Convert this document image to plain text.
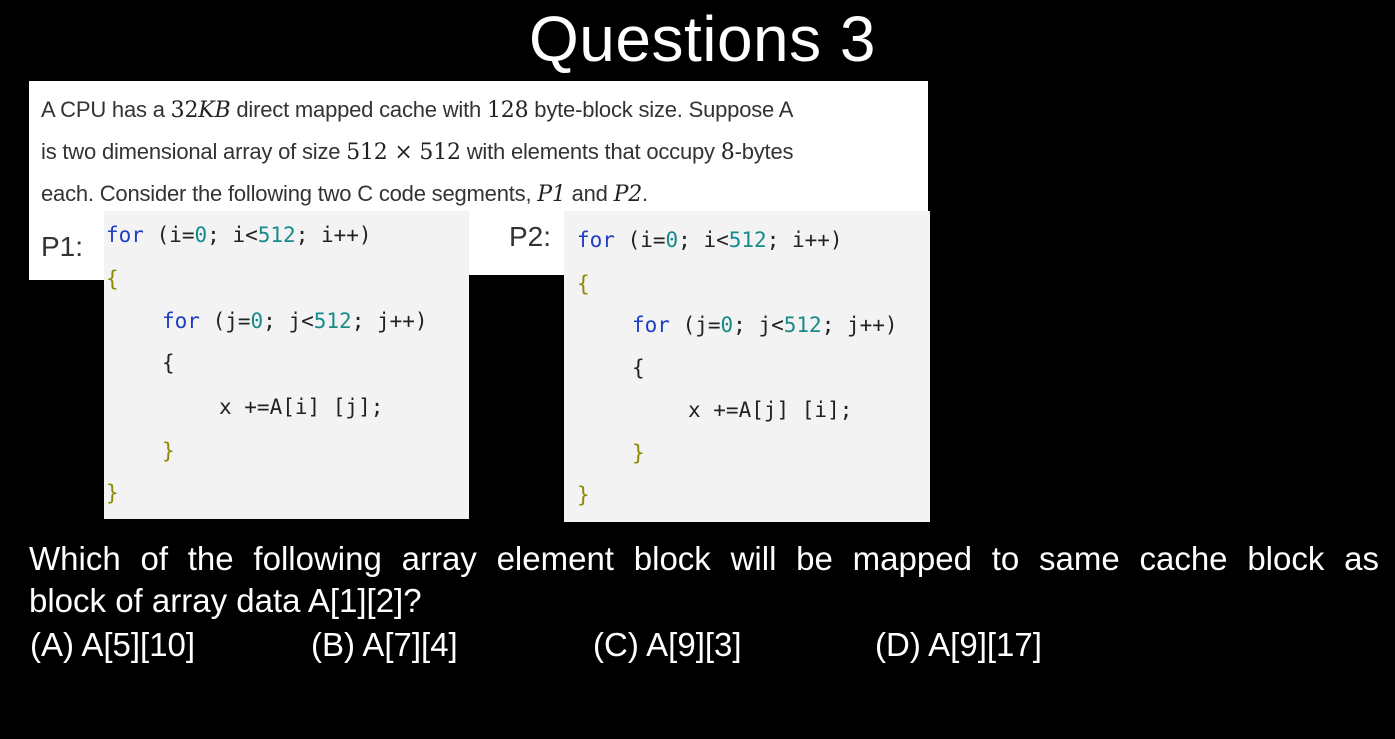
Questions 3
A CPU has a 32KB direct mapped cache with 128 byte-block size. Suppose A
is two dimensional array of size 512 × 512 with elements that occupy 8-bytes
each. Consider the following two C code segments, P1 and P2.
P1: for (i=0; i<512; i++)
{
for (j=0; j<512; j++)
{
x +=A[i] [j];
}
}
P2: for (i=0; i<512; i++)
{
for (j=0; j<512; j++)
{
x +=A[j] [i];
}
}
Which of the following array element block will be mapped to same cache block as
block of array data A[1][2]?
(A) A[5][10]	(B) A[7][4]	(C) A[9][3]	(D) A[9][17]
